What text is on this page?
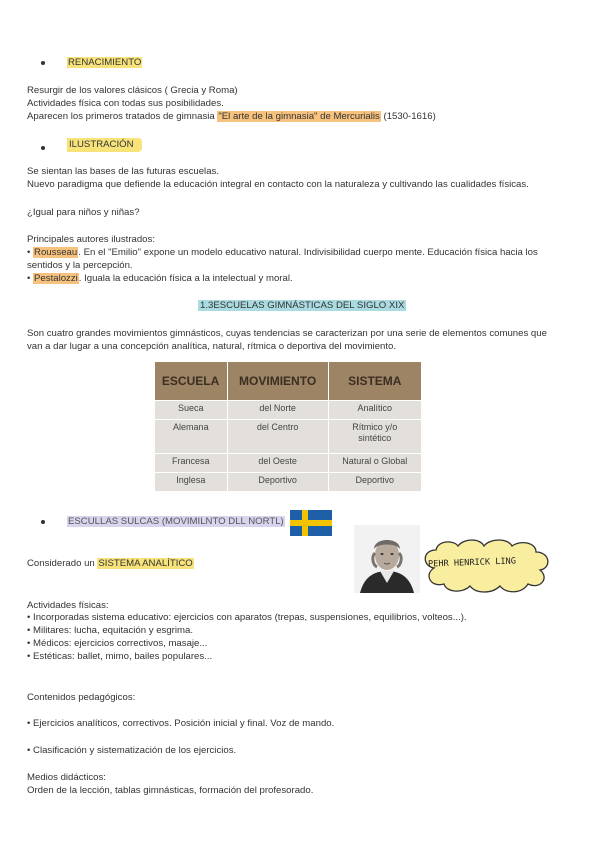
RENACIMIENTO
Resurgir de los valores clásicos ( Grecia y Roma)
Actividades física con todas sus posibilidades.
Aparecen los primeros tratados de gimnasia "El arte de la gimnasia" de Mercurialis (1530-1616)
ILUSTRACIÓN
Se sientan las bases de las futuras escuelas.
Nuevo paradigma que defiende la educación integral en contacto con la naturaleza y cultivando las cualidades físicas.
¿Igual para niños y niñas?
Principales autores ilustrados:
• Rousseau. En el "Emilio" expone un modelo educativo natural. Indivisibilidad cuerpo mente. Educación física hacia los
sentidos y la percepción.
• Pestalozzi. Iguala la educación física a la intelectual y moral.
1.3ESCUELAS GIMNÁSTICAS DEL SIGLO XIX
Son cuatro grandes movimientos gimnásticos, cuyas tendencias se caracterizan por una serie de elementos comunes que
van a dar lugar a una concepción analítica, natural, rítmica o deportiva del movimiento.
ESCUELA	MOVIMIENTO	SISTEMA
Sueca	del Norte	Analítico
Alemana	del Centro	Rítmico y/o sintético
Francesa	del Oeste	Natural o Global
Inglesa	Deportivo	Deportivo
ESCULLAS SULCAS (MOVIMILNTO DLL NORTL)
Considerado un SISTEMA ANALÍTICO	PEHR HENRICK LING
Actividades físicas:
• Incorporadas sistema educativo: ejercicios con aparatos (trepas, suspensiones, equilibrios, volteos...).
• Militares: lucha, equitación y esgrima.
• Médicos: ejercicios correctivos, masaje...
• Estéticas: ballet, mimo, bailes populares...
Contenidos pedagógicos:
• Ejercicios analíticos, correctivos. Posición inicial y final. Voz de mando.
• Clasificación y sistematización de los ejercicios.
Medios didácticos:
Orden de la lección, tablas gimnásticas, formación del profesorado.
